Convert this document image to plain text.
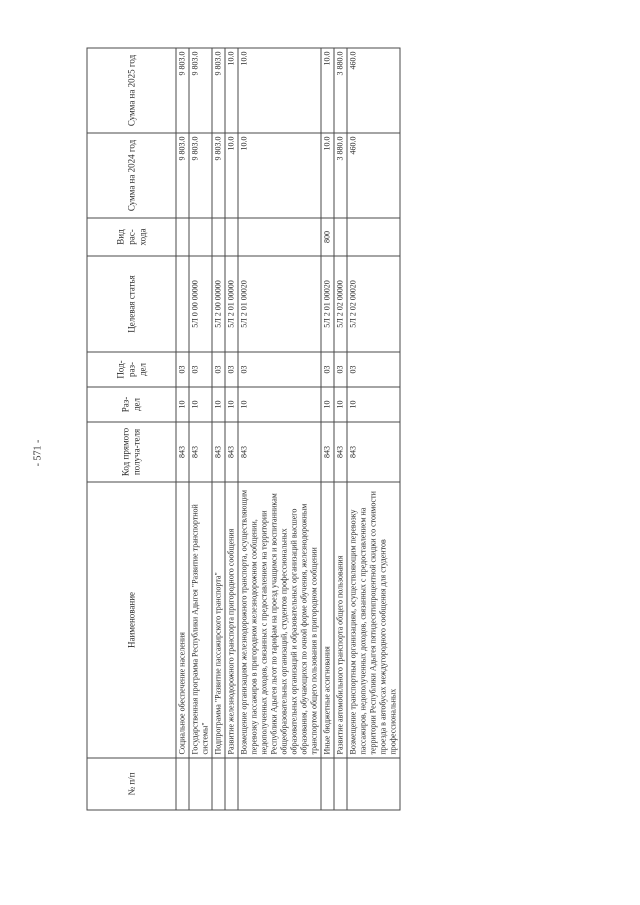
- 571 -
№ п/п	Наименование	Код прямого получа-теля	Раз-дел	Под-раз-дел	Целевая статья	Вид рас-хода	Сумма на 2024 год	Сумма на 2025 год
	Социальное обеспечение населения	843	10	03			9 803.0	9 803.0
	Государственная программа Республики Адыгея "Развитие транспортной системы"	843	10	03	5Л 0 00 00000		9 803.0	9 803.0
	Подпрограмма "Развитие пассажирского транспорта"	843	10	03	5Л 2 00 00000		9 803.0	9 803.0
	Развитие железнодорожного транспорта пригородного сообщения	843	10	03	5Л 2 01 00000		10.0	10.0
	Возмещение организациям железнодорожного транспорта, осуществляющим перевозку пассажиров в пригородном железнодорожном сообщении, недополученных доходов, связанных с предоставлением на территории Республики Адыгея льгот по тарифам на проезд учащимся и воспитанникам общеобразовательных организаций, студентов профессиональных образовательных организаций и образовательных организаций высшего образования, обучающихся по очной форме обучения, железнодорожным транспортом общего пользования в пригородном сообщении	843	10	03	5Л 2 01 00020		10.0	10.0
	Иные бюджетные ассигнования	843	10	03	5Л 2 01 00020	800	10.0	10.0
	Развитие автомобильного транспорта общего пользования	843	10	03	5Л 2 02 00000		3 880.0	3 880.0
	Возмещение транспортным организациям, осуществляющим перевозку пассажиров, недополученных доходов, связанных с предоставлением на территории Республики Адыгея пятидесятипроцентной скидки со стоимости проезда в автобусах междугородного сообщения для студентов профессиональных	843	10	03	5Л 2 02 00020		460.0	460.0
